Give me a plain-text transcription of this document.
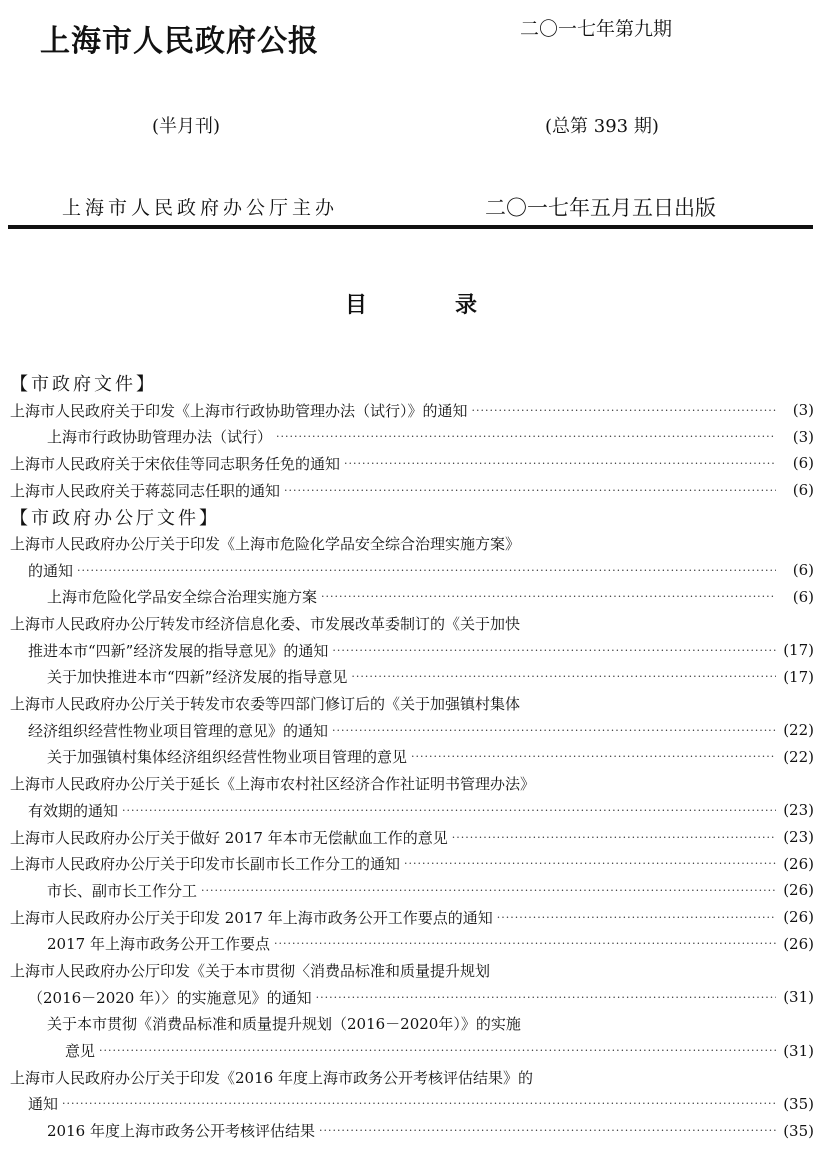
上海市人民政府公报	二〇一七年第九期
(半月刊)	(总第 393 期)
上海市人民政府办公厅主办	二〇一七年五月五日出版
目	录
【市政府文件】
上海市人民政府关于印发《上海市行政协助管理办法（试行）》的通知 ·····	(3)
上海市行政协助管理办法（试行） ·····	(3)
上海市人民政府关于宋依佳等同志职务任免的通知 ·····	(6)
上海市人民政府关于蒋蕊同志任职的通知 ·····	(6)
【市政府办公厅文件】
上海市人民政府办公厅关于印发《上海市危险化学品安全综合治理实施方案》
的通知 ·····	(6)
上海市危险化学品安全综合治理实施方案 ·····	(6)
上海市人民政府办公厅转发市经济信息化委、市发展改革委制订的《关于加快
推进本市“四新”经济发展的指导意见》的通知 ·····	(17)
关于加快推进本市“四新”经济发展的指导意见 ·····	(17)
上海市人民政府办公厅关于转发市农委等四部门修订后的《关于加强镇村集体
经济组织经营性物业项目管理的意见》的通知 ·····	(22)
关于加强镇村集体经济组织经营性物业项目管理的意见 ·····	(22)
上海市人民政府办公厅关于延长《上海市农村社区经济合作社证明书管理办法》
有效期的通知 ·····	(23)
上海市人民政府办公厅关于做好 2017 年本市无偿献血工作的意见 ·····	(23)
上海市人民政府办公厅关于印发市长副市长工作分工的通知 ·····	(26)
市长、副市长工作分工 ·····	(26)
上海市人民政府办公厅关于印发 2017 年上海市政务公开工作要点的通知 ·····	(26)
2017 年上海市政务公开工作要点 ·····	(26)
上海市人民政府办公厅印发《关于本市贯彻〈消费品标准和质量提升规划
（2016－2020 年）〉的实施意见》的通知 ·····	(31)
关于本市贯彻《消费品标准和质量提升规划（2016－2020年）》的实施
意见 ·····	(31)
上海市人民政府办公厅关于印发《2016 年度上海市政务公开考核评估结果》的
通知 ·····	(35)
2016 年度上海市政务公开考核评估结果 ·····	(35)
